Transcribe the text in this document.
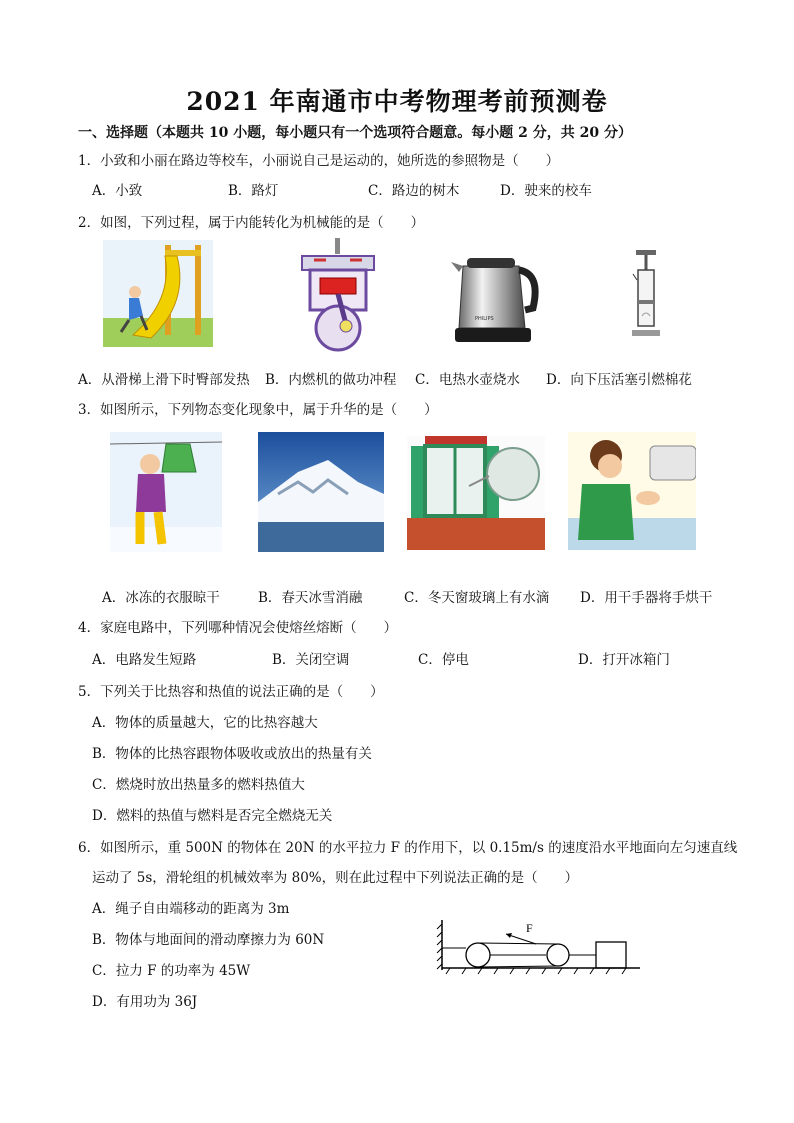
2021 年南通市中考物理考前预测卷
一、选择题（本题共 10 小题，每小题只有一个选项符合题意。每小题 2 分，共 20 分）
1．小致和小丽在路边等校车，小丽说自己是运动的，她所选的参照物是（　　）
A．小致	B．路灯	C．路边的树木	D．驶来的校车
2．如图，下列过程，属于内能转化为机械能的是（　　）
PHILIPS
A．从滑梯上滑下时臀部发热 B．内燃机的做功冲程 C．电热水壶烧水 D．向下压活塞引燃棉花
3．如图所示，下列物态变化现象中，属于升华的是（　　）
A．冰冻的衣服晾干	B．春天冰雪消融	C．冬天窗玻璃上有水滴 D．用干手器将手烘干
4．家庭电路中，下列哪种情况会使熔丝熔断（　　）
A．电路发生短路	B．关闭空调	C．停电	D．打开冰箱门
5．下列关于比热容和热值的说法正确的是（　　）
A．物体的质量越大，它的比热容越大
B．物体的比热容跟物体吸收或放出的热量有关
C．燃烧时放出热量多的燃料热值大
D．燃料的热值与燃料是否完全燃烧无关
6．如图所示，重 500N 的物体在 20N 的水平拉力 F 的作用下，以 0.15m/s 的速度沿水平地面向左匀速直线
运动了 5s，滑轮组的机械效率为 80%，则在此过程中下列说法正确的是（　　）
A．绳子自由端移动的距离为 3m
B．物体与地面间的滑动摩擦力为 60N
C．拉力 F 的功率为 45W
D．有用功为 36J
F
